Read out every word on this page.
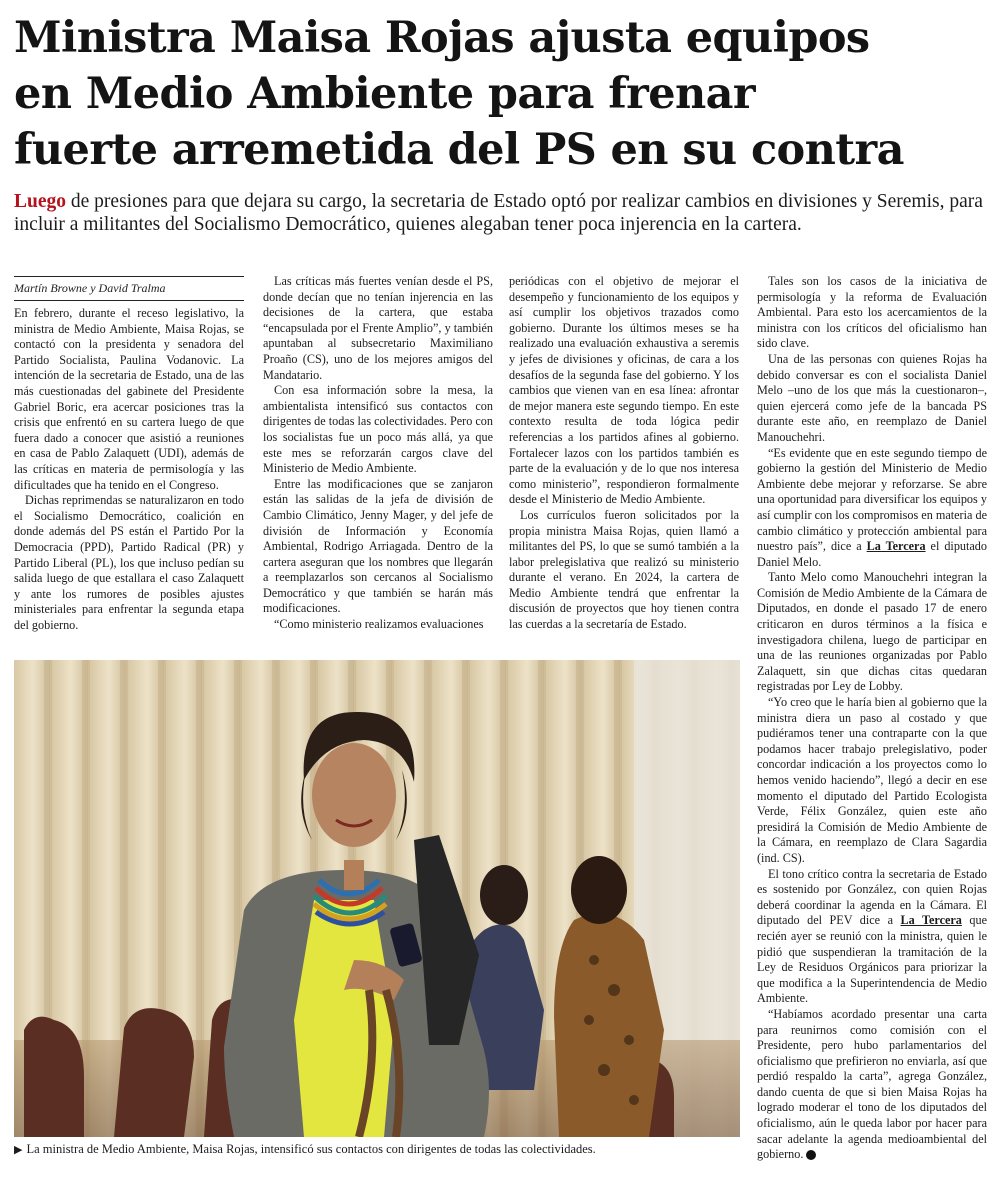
Ministra Maisa Rojas ajusta equipos
en Medio Ambiente para frenar
fuerte arremetida del PS en su contra

Luego de presiones para que dejara su cargo, la secretaria de Estado optó por realizar cambios en divisiones y Seremis, para incluir a militantes del Socialismo Democrático, quienes alegaban tener poca injerencia en la cartera.

Martín Browne y David Tralma

En febrero, durante el receso legislativo, la ministra de Medio Ambiente, Maisa Rojas, se contactó con la presidenta y senadora del Partido Socialista, Paulina Vodanovic. La intención de la secretaria de Estado, una de las más cuestionadas del gabinete del Presidente Gabriel Boric, era acercar posiciones tras la crisis que enfrentó en su cartera luego de que fuera dado a conocer que asistió a reuniones en casa de Pablo Zalaquett (UDI), además de las críticas en materia de permisología y las dificultades que ha tenido en el Congreso.

Dichas reprimendas se naturalizaron en todo el Socialismo Democrático, coalición en donde además del PS están el Partido Por la Democracia (PPD), Partido Radical (PR) y Partido Liberal (PL), los que incluso pedían su salida luego de que estallara el caso Zalaquett y ante los rumores de posibles ajustes ministeriales para enfrentar la segunda etapa del gobierno.

Las críticas más fuertes venían desde el PS, donde decían que no tenían injerencia en las decisiones de la cartera, que estaba “encapsulada por el Frente Amplio”, y también apuntaban al subsecretario Maximiliano Proaño (CS), uno de los mejores amigos del Mandatario.

Con esa información sobre la mesa, la ambientalista intensificó sus contactos con dirigentes de todas las colectividades. Pero con los socialistas fue un poco más allá, ya que este mes se reforzarán cargos clave del Ministerio de Medio Ambiente.

Entre las modificaciones que se zanjaron están las salidas de la jefa de división de Cambio Climático, Jenny Mager, y del jefe de división de Información y Economía Ambiental, Rodrigo Arriagada. Dentro de la cartera aseguran que los nombres que llegarán a reemplazarlos son cercanos al Socialismo Democrático y que también se harán más modificaciones.

“Como ministerio realizamos evaluaciones

periódicas con el objetivo de mejorar el desempeño y funcionamiento de los equipos y así cumplir los objetivos trazados como gobierno. Durante los últimos meses se ha realizado una evaluación exhaustiva a seremis y jefes de divisiones y oficinas, de cara a los desafíos de la segunda fase del gobierno. Y los cambios que vienen van en esa línea: afrontar de mejor manera este segundo tiempo. En este contexto resulta de toda lógica pedir referencias a los partidos afines al gobierno. Fortalecer lazos con los partidos también es parte de la evaluación y de lo que nos interesa como ministerio”, respondieron formalmente desde el Ministerio de Medio Ambiente.

Los currículos fueron solicitados por la propia ministra Maisa Rojas, quien llamó a militantes del PS, lo que se sumó también a la labor prelegislativa que realizó su ministerio durante el verano. En 2024, la cartera de Medio Ambiente tendrá que enfrentar la discusión de proyectos que hoy tienen contra las cuerdas a la secretaría de Estado.

Tales son los casos de la iniciativa de permisología y la reforma de Evaluación Ambiental. Para esto los acercamientos de la ministra con los críticos del oficialismo han sido clave.

Una de las personas con quienes Rojas ha debido conversar es con el socialista Daniel Melo –uno de los que más la cuestionaron–, quien ejercerá como jefe de la bancada PS durante este año, en reemplazo de Daniel Manouchehri.

“Es evidente que en este segundo tiempo de gobierno la gestión del Ministerio de Medio Ambiente debe mejorar y reforzarse. Se abre una oportunidad para diversificar los equipos y así cumplir con los compromisos en materia de cambio climático y protección ambiental para nuestro país”, dice a La Tercera el diputado Daniel Melo.

Tanto Melo como Manouchehri integran la Comisión de Medio Ambiente de la Cámara de Diputados, en donde el pasado 17 de enero criticaron en duros términos a la física e investigadora chilena, luego de participar en una de las reuniones organizadas por Pablo Zalaquett, sin que dichas citas quedaran registradas por Ley de Lobby.

“Yo creo que le haría bien al gobierno que la ministra diera un paso al costado y que pudiéramos tener una contraparte con la que podamos hacer trabajo prelegislativo, poder concordar indicación a los proyectos como lo hemos venido haciendo”, llegó a decir en ese momento el diputado del Partido Ecologista Verde, Félix González, quien este año presidirá la Comisión de Medio Ambiente de la Cámara, en reemplazo de Clara Sagardia (ind. CS).

El tono crítico contra la secretaria de Estado es sostenido por González, con quien Rojas deberá coordinar la agenda en la Cámara. El diputado del PEV dice a La Tercera que recién ayer se reunió con la ministra, quien le pidió que suspendieran la tramitación de la Ley de Residuos Orgánicos para priorizar la que modifica a la Superintendencia de Medio Ambiente.

“Habíamos acordado presentar una carta para reunirnos como comisión con el Presidente, pero hubo parlamentarios del oficialismo que prefirieron no enviarla, así que perdió respaldo la carta”, agrega González, dando cuenta de que si bien Maisa Rojas ha logrado moderar el tono de los diputados del oficialismo, aún le queda labor por hacer para sacar adelante la agenda medioambiental del gobierno.

▶ La ministra de Medio Ambiente, Maisa Rojas, intensificó sus contactos con dirigentes de todas las colectividades.
